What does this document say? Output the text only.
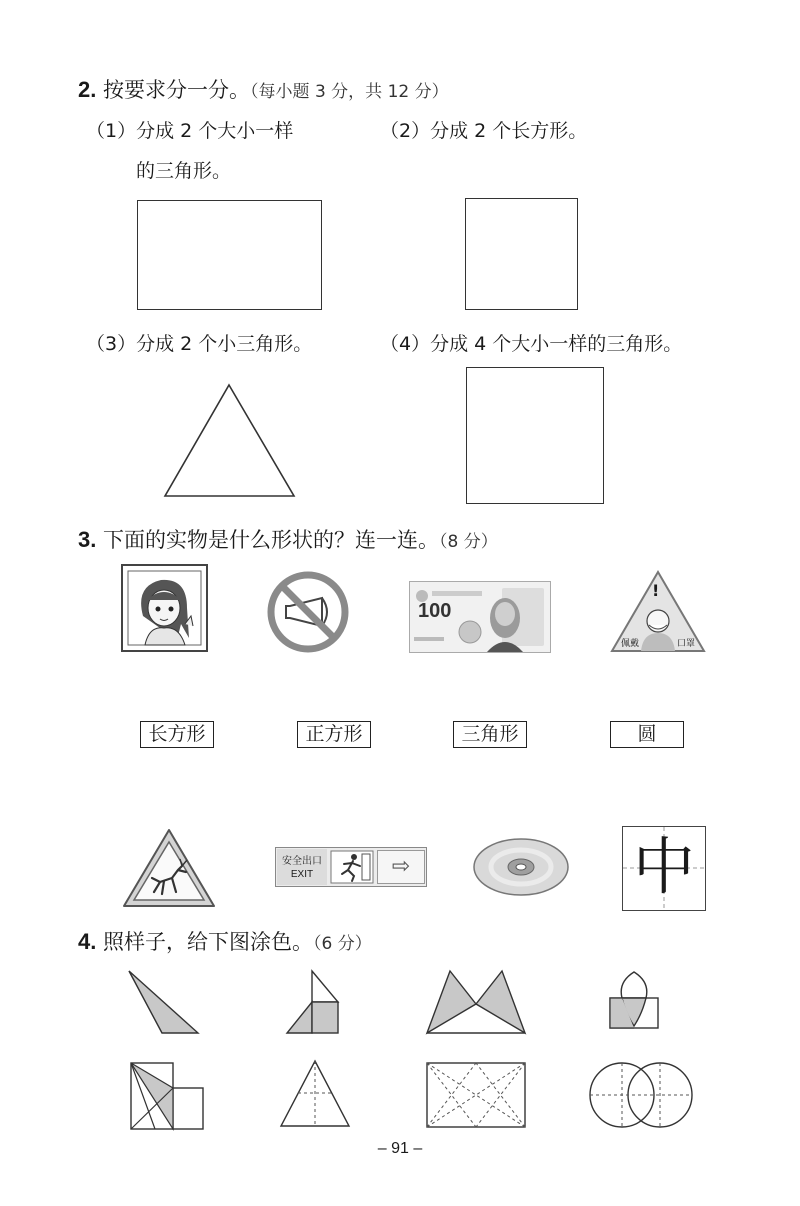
2. 按要求分一分。（每小题 3 分，共 12 分）
（1）分成 2 个大小一样
的三角形。
（2）分成 2 个长方形。
（3）分成 2 个小三角形。	（4）分成 4 个大小一样的三角形。
3. 下面的实物是什么形状的？连一连。（8 分）
100
!
佩戴	口罩
长方形	正方形	三角形	圆
安全出口
EXIT	⇨	中
4. 照样子，给下图涂色。（6 分）
– 91 –
